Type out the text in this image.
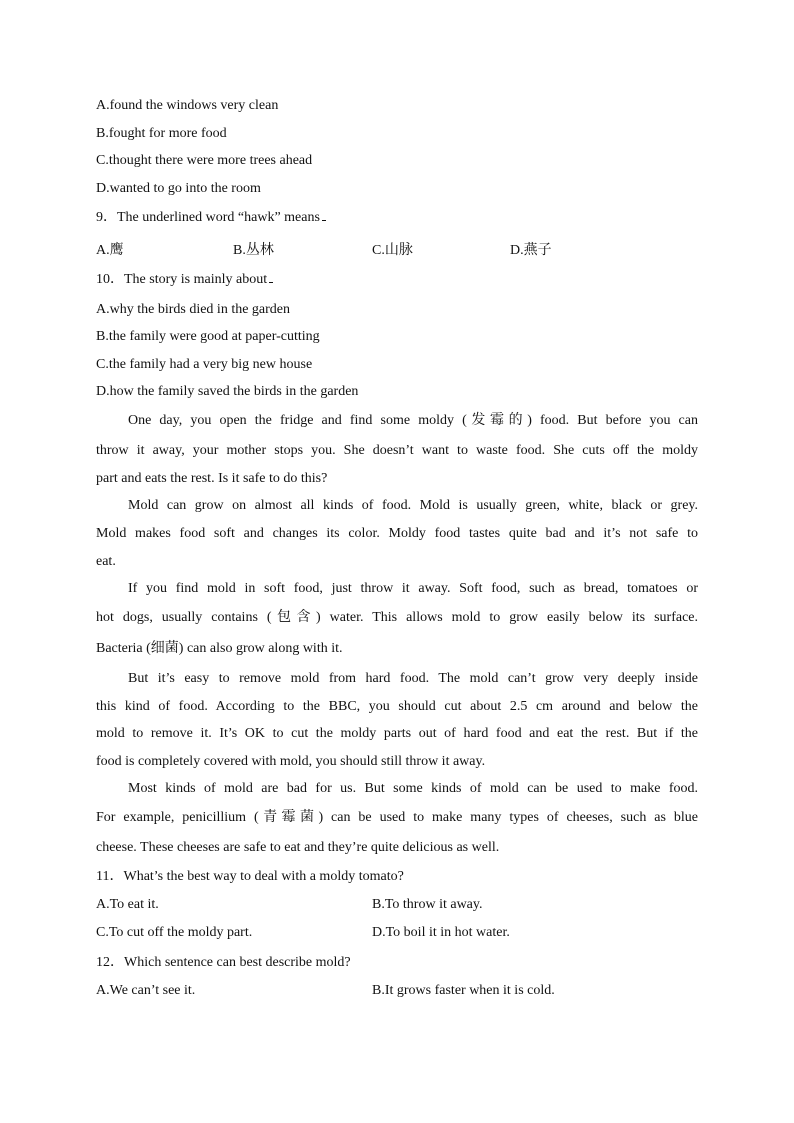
A.found the windows very clean
B.fought for more food
C.thought there were more trees ahead
D.wanted to go into the room
9．The underlined word “hawk” means
A.鹰	B.丛林	C.山脉	D.燕子
10．The story is mainly about
A.why the birds died in the garden
B.the family were good at paper-cutting
C.the family had a very big new house
D.how the family saved the birds in the garden
One day, you open the fridge and find some moldy (发霉的) food. But before you can
throw it away, your mother stops you. She doesn’t want to waste food. She cuts off the moldy
part and eats the rest. Is it safe to do this?
Mold can grow on almost all kinds of food. Mold is usually green, white, black or grey.
Mold makes food soft and changes its color. Moldy food tastes quite bad and it’s not safe to
eat.
If you find mold in soft food, just throw it away. Soft food, such as bread, tomatoes or
hot dogs, usually contains (包含) water. This allows mold to grow easily below its surface.
Bacteria (细菌) can also grow along with it.
But it’s easy to remove mold from hard food. The mold can’t grow very deeply inside
this kind of food. According to the BBC, you should cut about 2.5 cm around and below the
mold to remove it. It’s OK to cut the moldy parts out of hard food and eat the rest. But if the
food is completely covered with mold, you should still throw it away.
Most kinds of mold are bad for us. But some kinds of mold can be used to make food.
For example, penicillium (青霉菌) can be used to make many types of cheeses, such as blue
cheese. These cheeses are safe to eat and they’re quite delicious as well.
11．What’s the best way to deal with a moldy tomato?
A.To eat it.	B.To throw it away.
C.To cut off the moldy part.	D.To boil it in hot water.
12．Which sentence can best describe mold?
A.We can’t see it.	B.It grows faster when it is cold.
